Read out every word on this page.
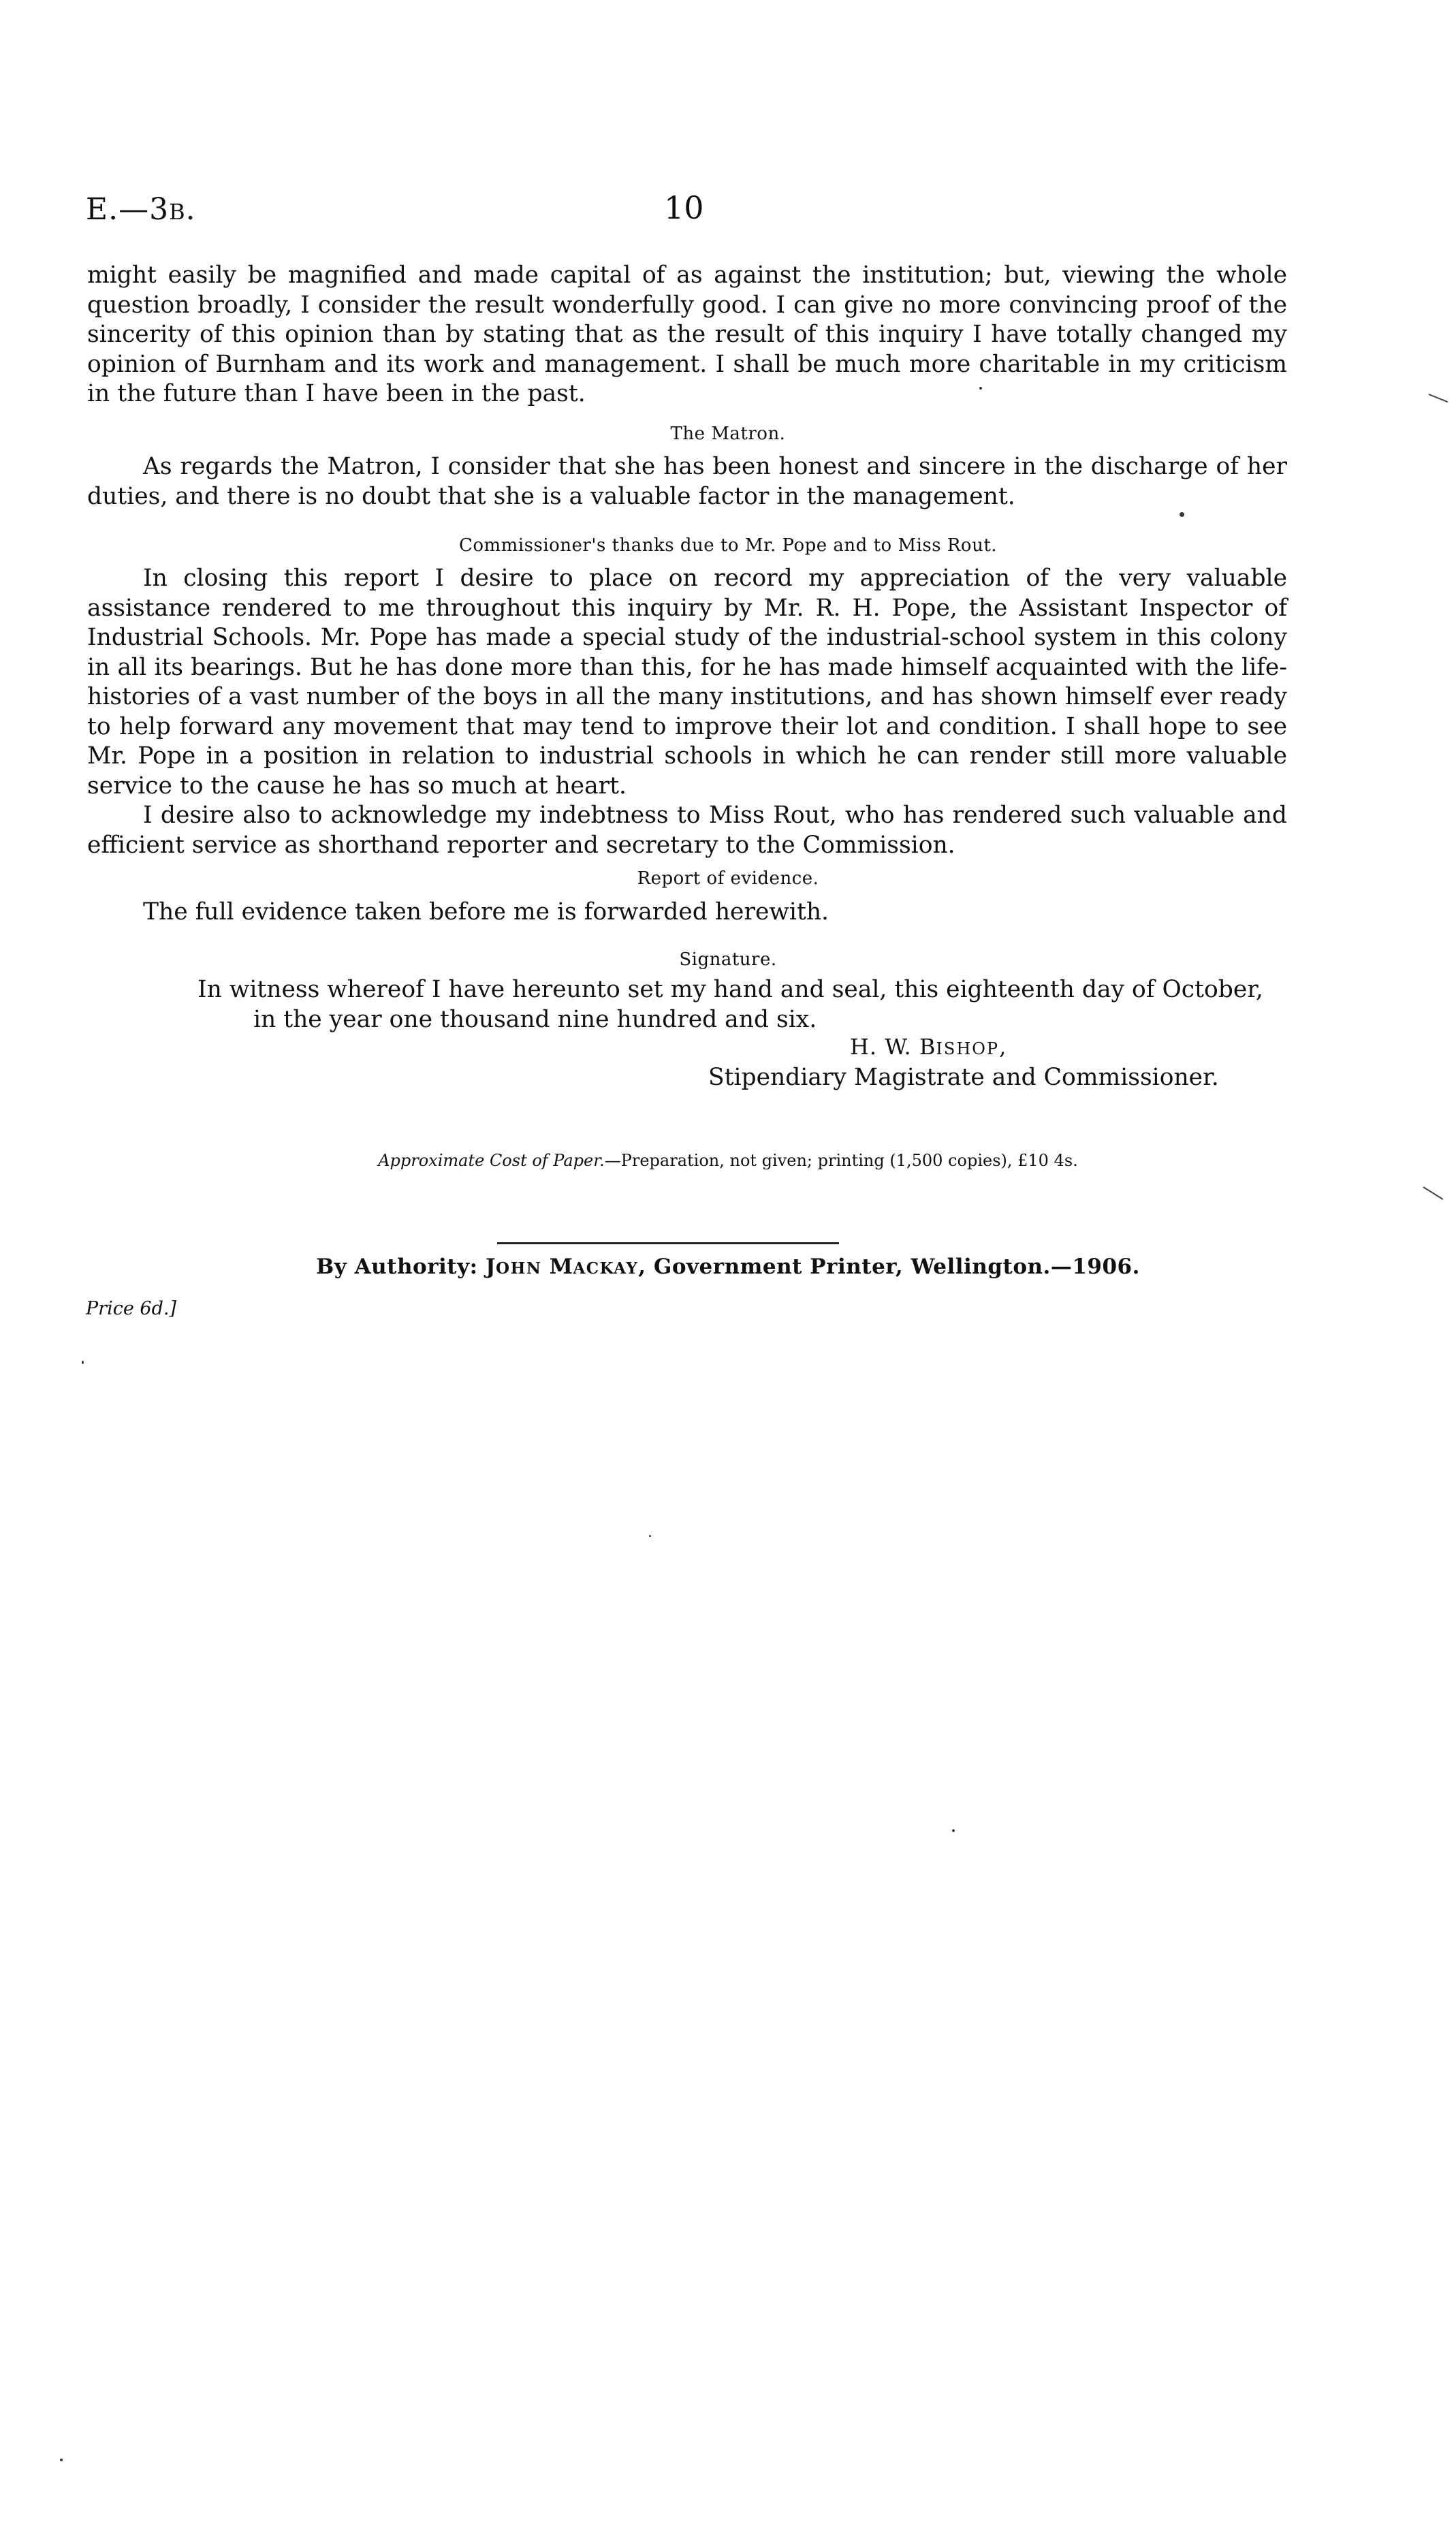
E.—3B.	10

might easily be magnified and made capital of as against the institution; but, viewing the whole question broadly, I consider the result wonderfully good. I can give no more convincing proof of the sincerity of this opinion than by stating that as the result of this inquiry I have totally changed my opinion of Burnham and its work and management. I shall be much more charitable in my criticism in the future than I have been in the past.

The Matron.

As regards the Matron, I consider that she has been honest and sincere in the discharge of her duties, and there is no doubt that she is a valuable factor in the management.

Commissioner's thanks due to Mr. Pope and to Miss Rout.

In closing this report I desire to place on record my appreciation of the very valuable assistance rendered to me throughout this inquiry by Mr. R. H. Pope, the Assistant Inspector of Industrial Schools. Mr. Pope has made a special study of the industrial-school system in this colony in all its bearings. But he has done more than this, for he has made himself acquainted with the life-histories of a vast number of the boys in all the many institutions, and has shown himself ever ready to help forward any movement that may tend to improve their lot and condition. I shall hope to see Mr. Pope in a position in relation to industrial schools in which he can render still more valuable service to the cause he has so much at heart.

I desire also to acknowledge my indebtness to Miss Rout, who has rendered such valuable and efficient service as shorthand reporter and secretary to the Commission.

Report of evidence.

The full evidence taken before me is forwarded herewith.

Signature.
In witness whereof I have hereunto set my hand and seal, this eighteenth day of October,
in the year one thousand nine hundred and six.
H. W. BISHOP,
Stipendiary Magistrate and Commissioner.
Approximate Cost of Paper.—Preparation, not given; printing (1,500 copies), £10 4s.
By Authority: JOHN MACKAY, Government Printer, Wellington.—1906.
Price 6d.]
